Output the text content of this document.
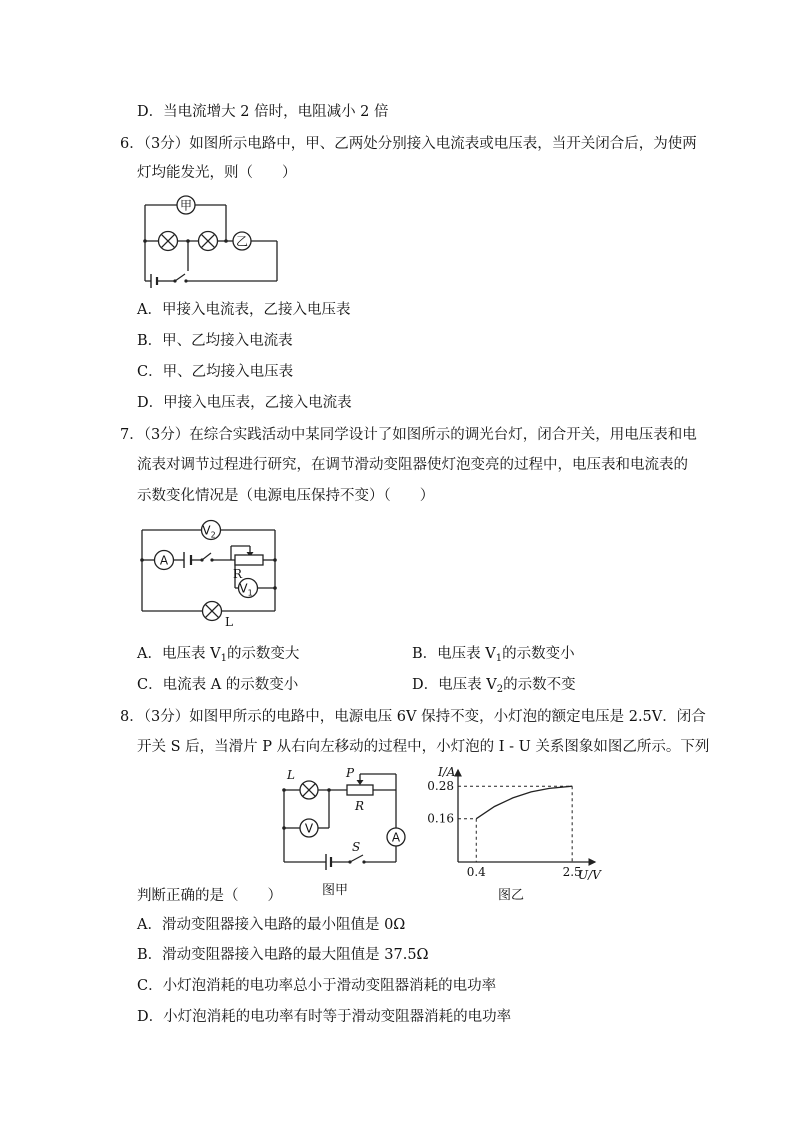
D．当电流增大 2 倍时，电阻减小 2 倍
6．（3分）如图所示电路中，甲、乙两处分别接入电流表或电压表，当开关闭合后，为使两
灯均能发光，则（　　）
甲
乙
A．甲接入电流表，乙接入电压表
B．甲、乙均接入电流表
C．甲、乙均接入电压表
D．甲接入电压表，乙接入电流表
7．（3分）在综合实践活动中某同学设计了如图所示的调光台灯，闭合开关，用电压表和电
流表对调节过程进行研究，在调节滑动变阻器使灯泡变亮的过程中，电压表和电流表的
示数变化情况是（电源电压保持不变）（　　）
A
$V_2$
$V_1$
R
L
A．电压表 $V_1$的示数变大	B．电压表 $V_1$的示数变小
C．电流表 A 的示数变小	D．电压表 $V_2$的示数不变
8．（3分）如图甲所示的电路中，电源电压 6V 保持不变，小灯泡的额定电压是 2.5V．闭合
开关 S 后，当滑片 P 从右向左移动的过程中，小灯泡的 I - U 关系图象如图乙所示。下列
L	P
R
V
A
S
图甲
I/A
U/V
0.28
0.16
0.4	2.5
图乙
判断正确的是（　　）
A．滑动变阻器接入电路的最小阻值是 0Ω
B．滑动变阻器接入电路的最大阻值是 37.5Ω
C．小灯泡消耗的电功率总小于滑动变阻器消耗的电功率
D．小灯泡消耗的电功率有时等于滑动变阻器消耗的电功率
